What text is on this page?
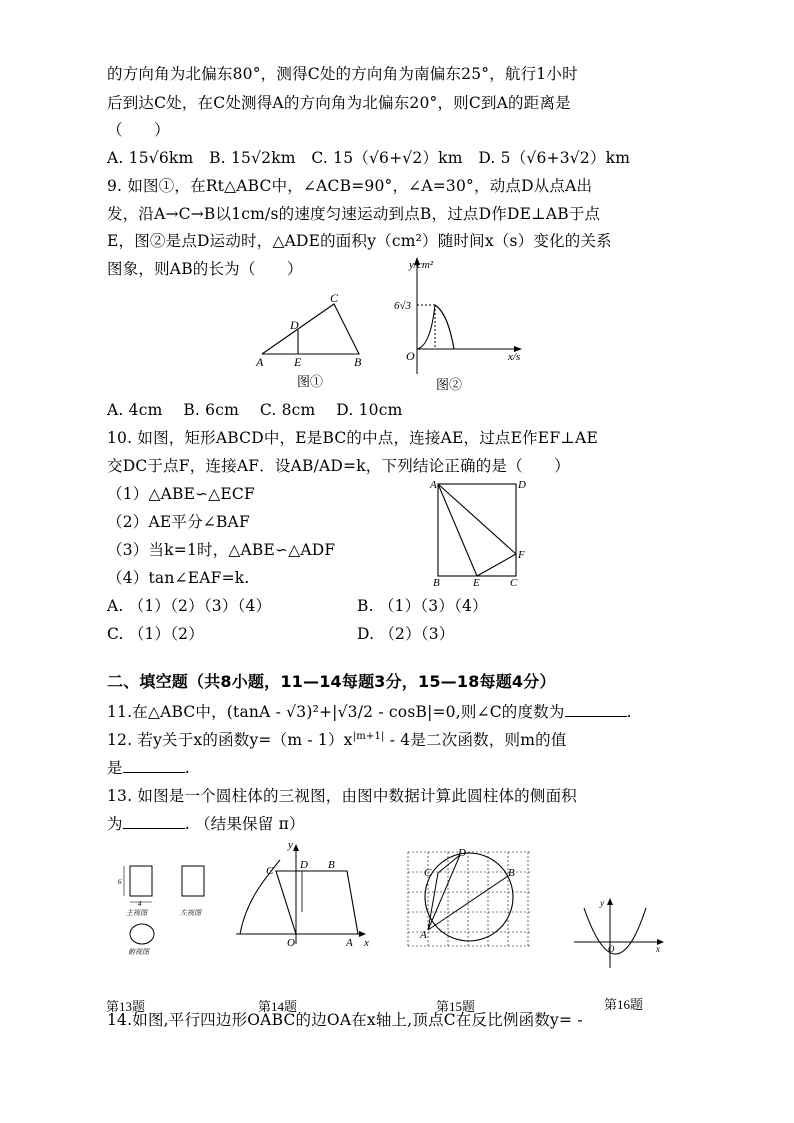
的方向角为北偏东80°，测得C处的方向角为南偏东25°，航行1小时
后到达C处，在C处测得A的方向角为北偏东20°，则C到A的距离是
（　　）
A. 15√6km　B. 15√2km　C. 15（√6+√2）km　D. 5（√6+3√2）km
9. 如图①，在Rt△ABC中，∠ACB=90°，∠A=30°，动点D从点A出
发，沿A→C→B以1cm/s的速度匀速运动到点B，过点D作DE⊥AB于点
E，图②是点D运动时，△ADE的面积y（cm²）随时间x（s）变化的关系
图象，则AB的长为（　　）
A	E	B
D
C
图①
y/cm²
x/s
O
6√3
图②
A. 4cm　 B. 6cm　 C. 8cm　 D. 10cm
10. 如图，矩形ABCD中，E是BC的中点，连接AE，过点E作EF⊥AE
交DC于点F，连接AF．设AB/AD=k，下列结论正确的是（　　）
（1）△ABE∽△ECF
（2）AE平分∠BAF
（3）当k=1时，△ABE∽△ADF
（4）tan∠EAF=k.
A	D
F
B	E	C
A. （1）（2）（3）（4）	B. （1）（3）（4）
C. （1）（2）	D. （2）（3）
二、填空题（共8小题，11—14每题3分，15—18每题4分）
11.在△ABC中，(tanA - √3)²+|√3/2 - cosB|=0,则∠C的度数为	.
12. 若y关于x的函数$y=(m - 1)x^{|m+1|} - 4$是二次函数，则m的值
是	.
13. 如图是一个圆柱体的三视图，由图中数据计算此圆柱体的侧面积
为	. （结果保留 π）
6
4
主视图	左视图
俯视图
y
x
C D B
O	A
D
C	B
A
y
x
O
第13题	第14题	第15题	第16题
14.如图,平行四边形OABC的边OA在x轴上,顶点C在反比例函数y= -
